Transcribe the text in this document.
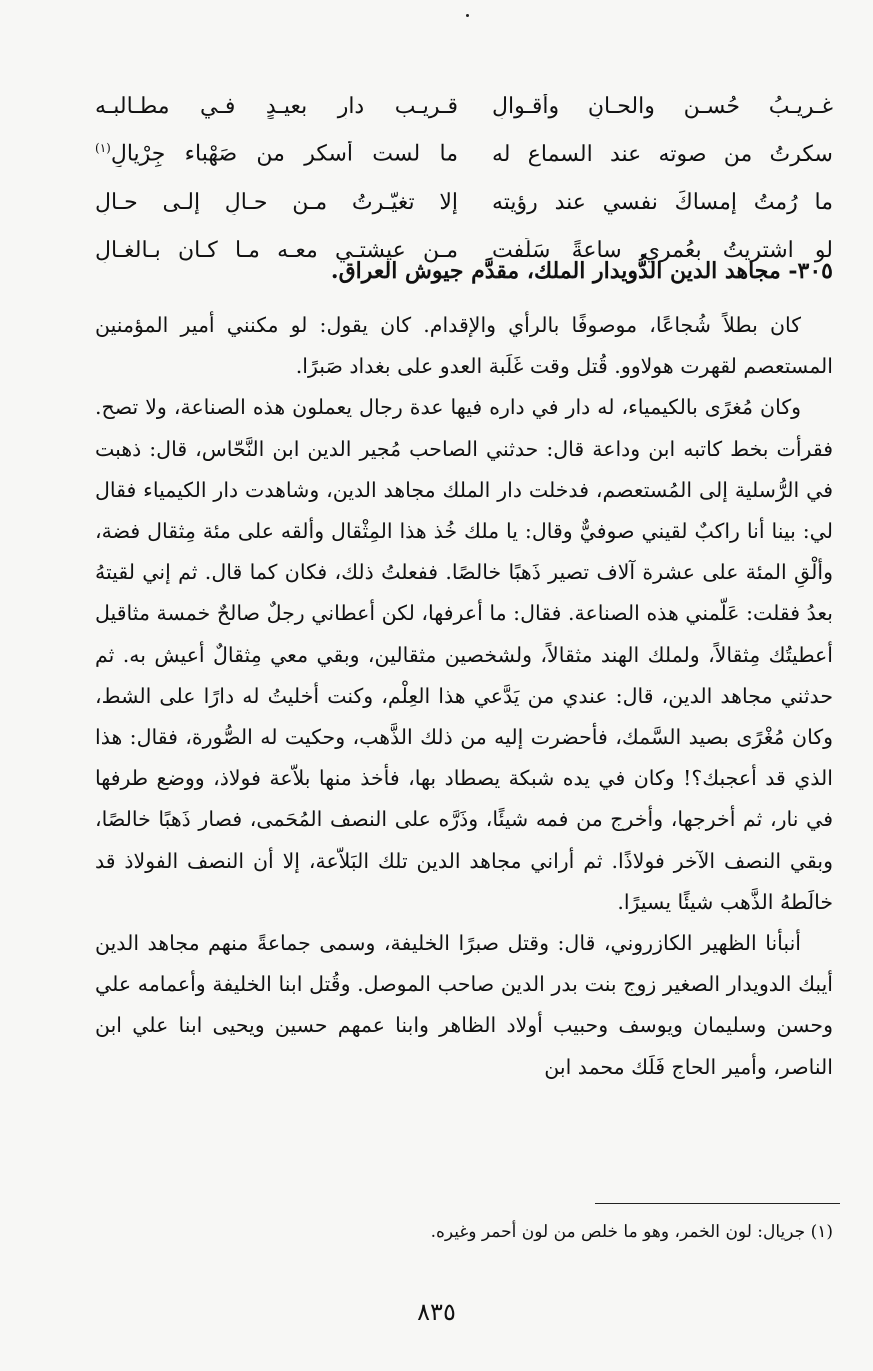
غـريـبُ حُسـنٍ والحـانٍ وأقـوالِ
قـريـب دارٍ بعيـدٍ فـي مطـالبـه
سكرتُ من صوته عند السماع له
ما لست أسكر من صَهْباء جِرْيالِ$^{(١)}$
ما رُمتُ إمساكَ نفسي عند رؤيته
إلا تغيّـرتُ مـن حـالٍ إلـى حـالِ
لو اشتريتُ بعُمري ساعةً سَلَفت
مـن عيشتـي معـه مـا كـان بـالغـالِ
٣٠٥- مجاهد الدين الدُّويدار الملك، مقدَّم جيوش العراق.

كان بطلاً شُجاعًا، موصوفًا بالرأي والإقدام. كان يقول: لو مكنني أمير المؤمنين المستعصم لقهرت هولاوو. قُتل وقت غَلَبة العدو على بغداد صَبرًا.

وكان مُغرًى بالكيمياء، له دار في داره فيها عدة رجال يعملون هذه الصناعة، ولا تصح. فقرأت بخط كاتبه ابن وداعة قال: حدثني الصاحب مُجير الدين ابن النَّحّاس، قال: ذهبت في الرُّسلية إلى المُستعصم، فدخلت دار الملك مجاهد الدين، وشاهدت دار الكيمياء فقال لي: بينا أنا راكبٌ لقيني صوفيٌّ وقال: يا ملك خُذ هذا المِثْقال وألقه على مئة مِثقال فضة، وألْقِ المئة على عشرة آلاف تصير ذَهبًا خالصًا. ففعلتُ ذلك، فكان كما قال. ثم إني لقيتهُ بعدُ فقلت: عَلّمني هذه الصناعة. فقال: ما أعرفها، لكن أعطاني رجلٌ صالحٌ خمسة مثاقيل أعطيتُك مِثقالاً، ولملك الهند مثقالاً، ولشخصين مثقالين، وبقي معي مِثقالٌ أعيش به. ثم حدثني مجاهد الدين، قال: عندي من يَدَّعي هذا العِلْم، وكنت أخليتُ له دارًا على الشط، وكان مُغْرًى بصيد السَّمك، فأحضرت إليه من ذلك الذَّهب، وحكيت له الصُّورة، فقال: هذا الذي قد أعجبك؟! وكان في يده شبكة يصطاد بها، فأخذ منها بلاّعة فولاذ، ووضع طرفها في نار، ثم أخرجها، وأخرج من فمه شيئًا، وذَرَّه على النصف المُحَمى، فصار ذَهبًا خالصًا، وبقي النصف الآخر فولاذًا. ثم أراني مجاهد الدين تلك البَلاّعة، إلا أن النصف الفولاذ قد خالَطهُ الذَّهب شيئًا يسيرًا.

أنبأنا الظهير الكازروني، قال: وقتل صبرًا الخليفة، وسمى جماعةً منهم مجاهد الدين أيبك الدويدار الصغير زوج بنت بدر الدين صاحب الموصل. وقُتل ابنا الخليفة وأعمامه علي وحسن وسليمان ويوسف وحبيب أولاد الظاهر وابنا عمهم حسين ويحيى ابنا علي ابن الناصر، وأمير الحاج فَلَك محمد ابن

(١) جريال: لون الخمر، وهو ما خلص من لون أحمر وغيره.
٨٣٥
